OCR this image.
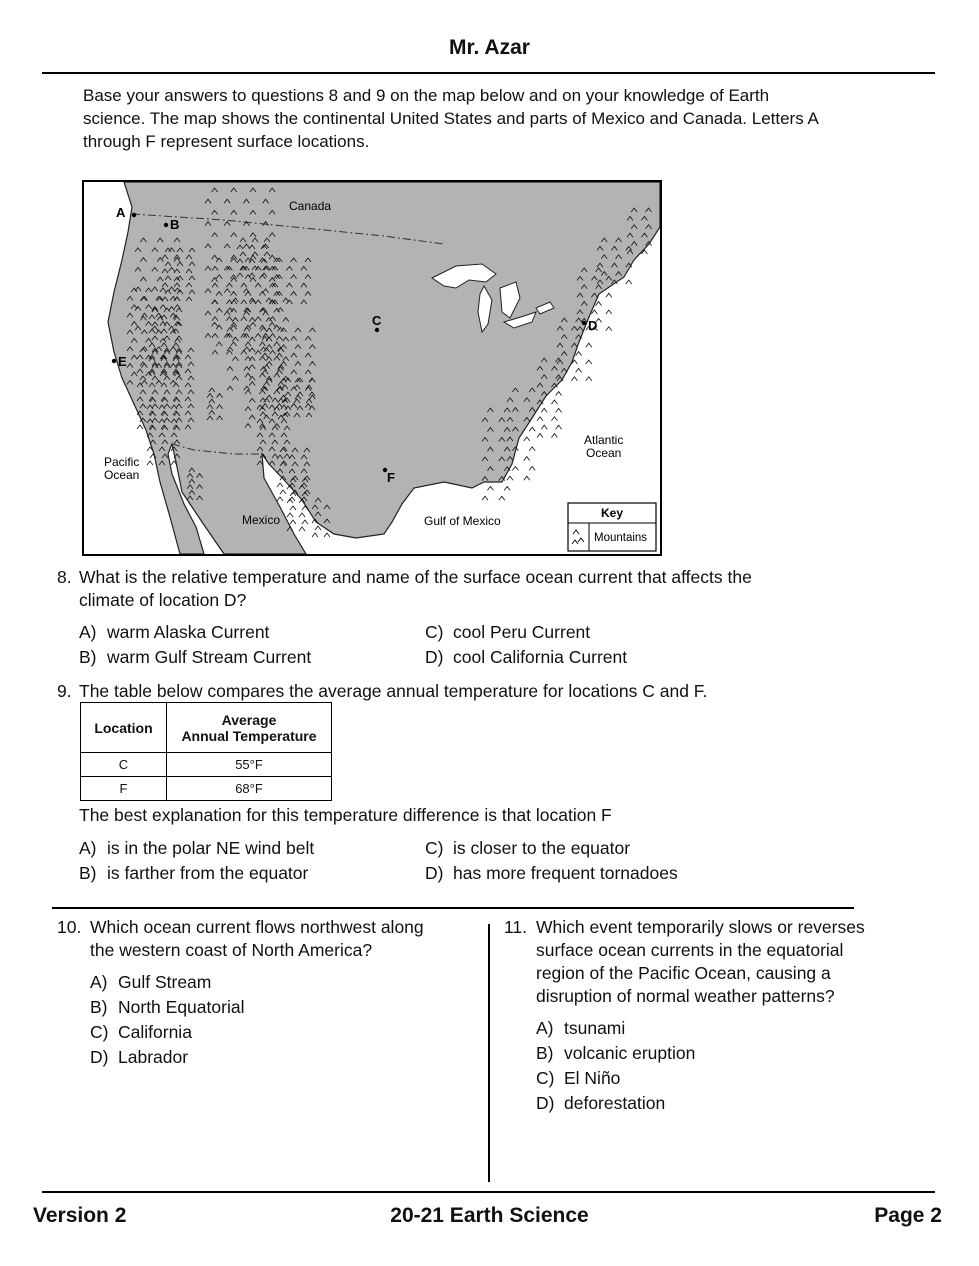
Mr. Azar
Base your answers to questions 8 and 9 on the map below and on your knowledge of Earth science. The map shows the continental United States and parts of Mexico and Canada. Letters A through F represent surface locations.
Canada
Pacific
Ocean
Atlantic
Ocean
Mexico	Gulf of Mexico
A
B
C	D
E
F
Key
Mountains
8. What is the relative temperature and name of the surface ocean current that affects the
climate of location D?
A) warm Alaska Current
B) warm Gulf Stream Current
C) cool Peru Current
D) cool California Current
9. The table below compares the average annual temperature for locations C and F.
Location	Average
Annual Temperature
C	55°F
F	68°F
The best explanation for this temperature difference is that location F
A) is in the polar NE wind belt
B) is farther from the equator
C) is closer to the equator
D) has more frequent tornadoes
10. Which ocean current flows northwest along
the western coast of North America?
A) Gulf Stream
B) North Equatorial
C) California
D) Labrador
11. Which event temporarily slows or reverses
surface ocean currents in the equatorial
region of the Pacific Ocean, causing a
disruption of normal weather patterns?
A) tsunami
B) volcanic eruption
C) El Niño
D) deforestation
Version 2	20-21 Earth Science	Page 2
